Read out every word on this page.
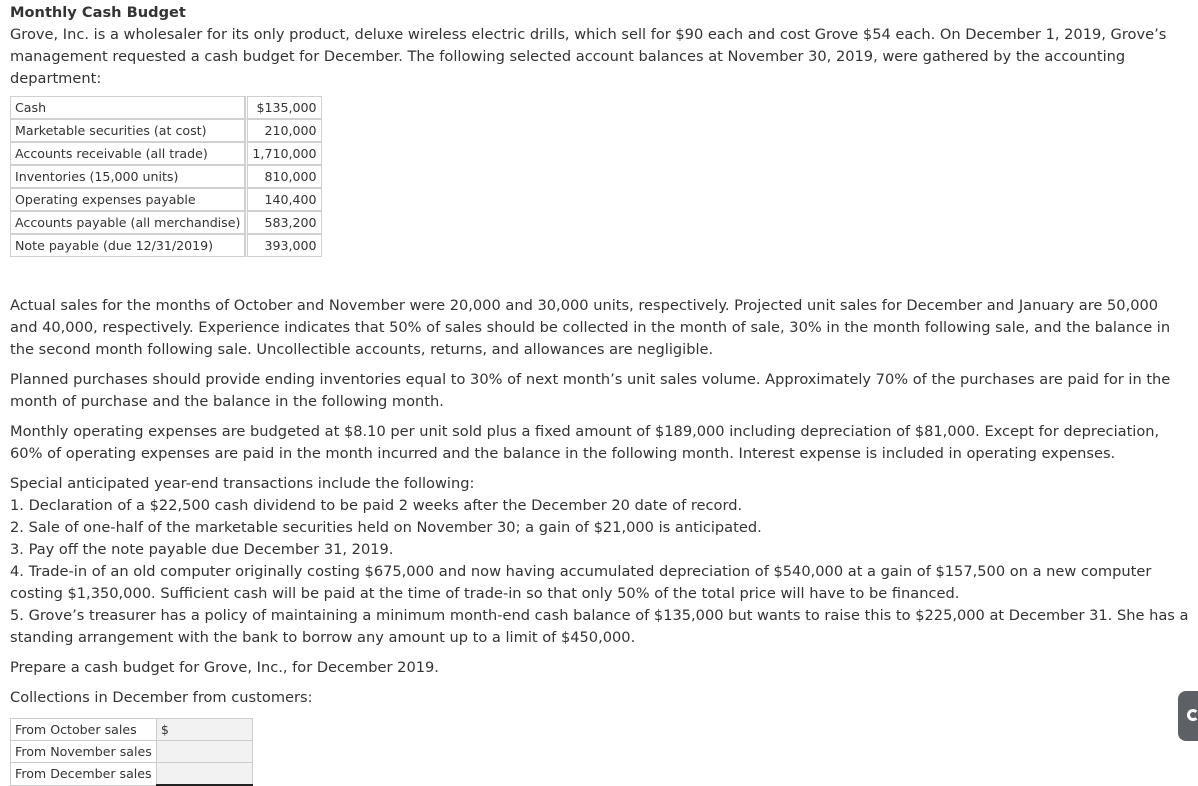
Monthly Cash Budget

Grove, Inc. is a wholesaler for its only product, deluxe wireless electric drills, which sell for $90 each and cost Grove $54 each. On December 1, 2019, Grove’s management requested a cash budget for December. The following selected account balances at November 30, 2019, were gathered by the accounting department:

Cash	$135,000
Marketable securities (at cost)	210,000
Accounts receivable (all trade)	1,710,000
Inventories (15,000 units)	810,000
Operating expenses payable	140,400
Accounts payable (all merchandise)	583,200
Note payable (due 12/31/2019)	393,000

Actual sales for the months of October and November were 20,000 and 30,000 units, respectively. Projected unit sales for December and January are 50,000 and 40,000, respectively. Experience indicates that 50% of sales should be collected in the month of sale, 30% in the month following sale, and the balance in the second month following sale. Uncollectible accounts, returns, and allowances are negligible.

Planned purchases should provide ending inventories equal to 30% of next month’s unit sales volume. Approximately 70% of the purchases are paid for in the month of purchase and the balance in the following month.

Monthly operating expenses are budgeted at $8.10 per unit sold plus a fixed amount of $189,000 including depreciation of $81,000. Except for depreciation, 60% of operating expenses are paid in the month incurred and the balance in the following month. Interest expense is included in operating expenses.

Special anticipated year-end transactions include the following:

1. Declaration of a $22,500 cash dividend to be paid 2 weeks after the December 20 date of record.

2. Sale of one-half of the marketable securities held on November 30; a gain of $21,000 is anticipated.

3. Pay off the note payable due December 31, 2019.

4. Trade-in of an old computer originally costing $675,000 and now having accumulated depreciation of $540,000 at a gain of $157,500 on a new computer costing $1,350,000. Sufficient cash will be paid at the time of trade-in so that only 50% of the total price will have to be financed.

5. Grove’s treasurer has a policy of maintaining a minimum month-end cash balance of $135,000 but wants to raise this to $225,000 at December 31. She has a standing arrangement with the bank to borrow any amount up to a limit of $450,000.

Prepare a cash budget for Grove, Inc., for December 2019.

Collections in December from customers:

From October sales	$
From November sales	
From December sales	
